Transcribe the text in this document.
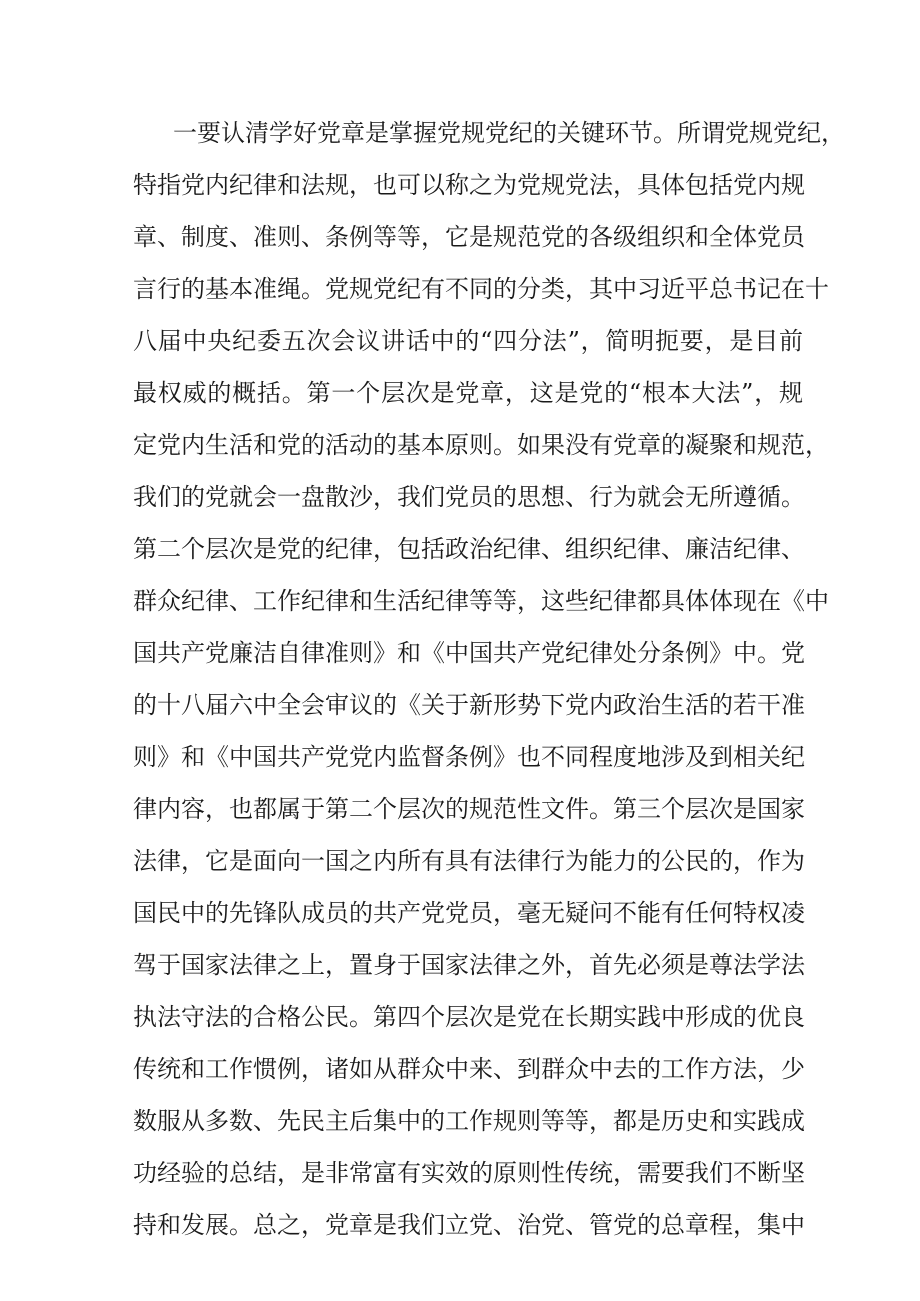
一要认清学好党章是掌握党规党纪的关键环节。所谓党规党纪，
特指党内纪律和法规，也可以称之为党规党法，具体包括党内规
章、制度、准则、条例等等，它是规范党的各级组织和全体党员
言行的基本准绳。党规党纪有不同的分类，其中习近平总书记在十
八届中央纪委五次会议讲话中的“四分法”，简明扼要，是目前
最权威的概括。第一个层次是党章，这是党的“根本大法”，规
定党内生活和党的活动的基本原则。如果没有党章的凝聚和规范，
我们的党就会一盘散沙，我们党员的思想、行为就会无所遵循。
第二个层次是党的纪律，包括政治纪律、组织纪律、廉洁纪律、
群众纪律、工作纪律和生活纪律等等，这些纪律都具体体现在《中
国共产党廉洁自律准则》和《中国共产党纪律处分条例》中。党
的十八届六中全会审议的《关于新形势下党内政治生活的若干准
则》和《中国共产党党内监督条例》也不同程度地涉及到相关纪
律内容，也都属于第二个层次的规范性文件。第三个层次是国家
法律，它是面向一国之内所有具有法律行为能力的公民的，作为
国民中的先锋队成员的共产党党员，毫无疑问不能有任何特权凌
驾于国家法律之上，置身于国家法律之外，首先必须是尊法学法
执法守法的合格公民。第四个层次是党在长期实践中形成的优良
传统和工作惯例，诸如从群众中来、到群众中去的工作方法，少
数服从多数、先民主后集中的工作规则等等，都是历史和实践成
功经验的总结，是非常富有实效的原则性传统，需要我们不断坚
持和发展。总之，党章是我们立党、治党、管党的总章程，集中
